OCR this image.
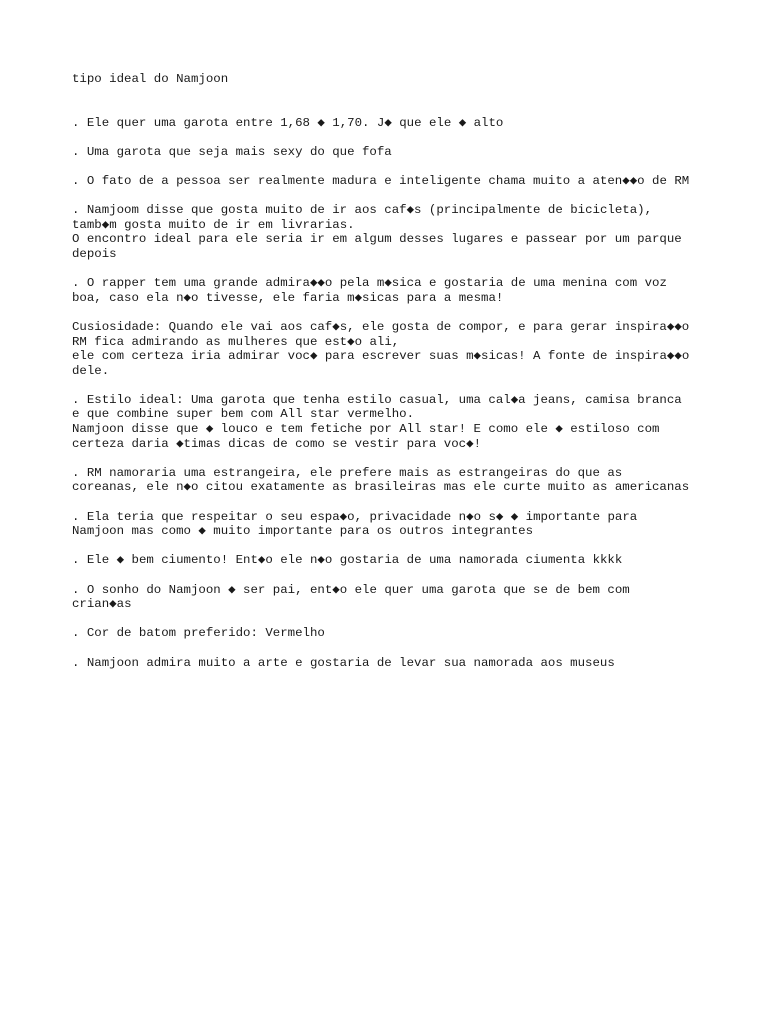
tipo ideal do Namjoon
. Ele quer uma garota entre 1,68 ◆ 1,70. J◆ que ele ◆ alto
. Uma garota que seja mais sexy do que fofa
. O fato de a pessoa ser realmente madura e inteligente chama muito a aten◆◆o de RM
. Namjoom disse que gosta muito de ir aos caf◆s (principalmente de bicicleta),
tamb◆m gosta muito de ir em livrarias.
O encontro ideal para ele seria ir em algum desses lugares e passear por um parque
depois
. O rapper tem uma grande admira◆◆o pela m◆sica e gostaria de uma menina com voz
boa, caso ela n◆o tivesse, ele faria m◆sicas para a mesma!
Cusiosidade: Quando ele vai aos caf◆s, ele gosta de compor, e para gerar inspira◆◆o
RM fica admirando as mulheres que est◆o ali,
ele com certeza iria admirar voc◆ para escrever suas m◆sicas! A fonte de inspira◆◆o
dele.
. Estilo ideal: Uma garota que tenha estilo casual, uma cal◆a jeans, camisa branca
e que combine super bem com All star vermelho.
Namjoon disse que ◆ louco e tem fetiche por All star! E como ele ◆ estiloso com
certeza daria ◆timas dicas de como se vestir para voc◆!
. RM namoraria uma estrangeira, ele prefere mais as estrangeiras do que as
coreanas, ele n◆o citou exatamente as brasileiras mas ele curte muito as americanas
. Ela teria que respeitar o seu espa◆o, privacidade n◆o s◆ ◆ importante para
Namjoon mas como ◆ muito importante para os outros integrantes
. Ele ◆ bem ciumento! Ent◆o ele n◆o gostaria de uma namorada ciumenta kkkk
. O sonho do Namjoon ◆ ser pai, ent◆o ele quer uma garota que se de bem com
crian◆as
. Cor de batom preferido: Vermelho
. Namjoon admira muito a arte e gostaria de levar sua namorada aos museus
